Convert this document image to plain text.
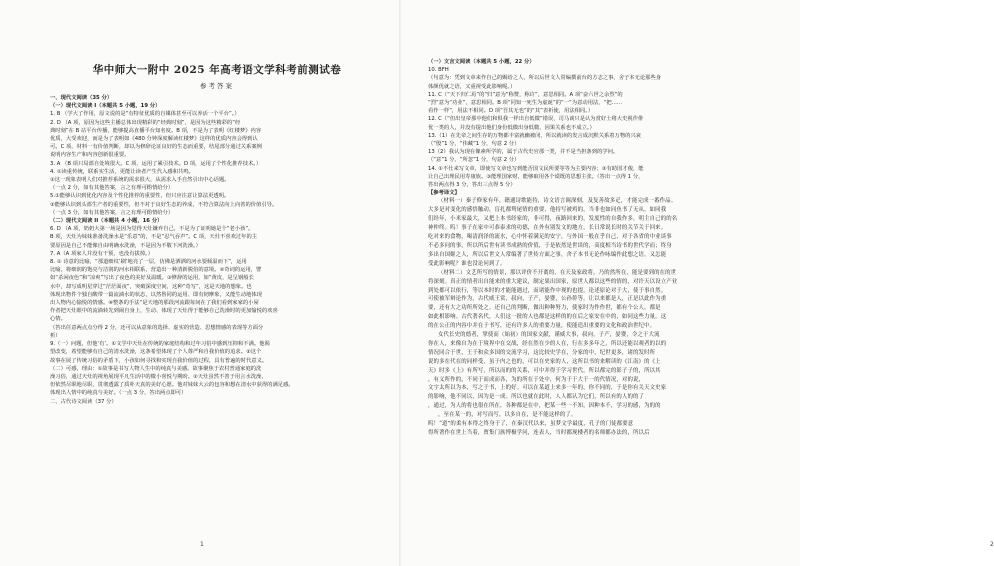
华中师大一附中 2025 年高考语文学科考前测试卷
参考答案

一、现代文阅读（35 分）

（一）现代文阅读 I（本题共 5 小题，19 分）

1. B （学大了作用，原文说的是“有特征优质的自媒体甚至可以养活一个平台”。）

2. D （A 项，原因为这些主播总体出现精彩的“经典时刻”，是因为这些精彩的“经

典时刻”在 B 站平台传播，能够提高直播平台知名度。B 项，不是为了表明《红楼梦》内容

优质，大受欢迎，而是为了表明如《480 分钟深度解读红楼梦》这样的优质内容会得到认

可。C 项，材料一有价值判断，却以为修辞论证良好的生态而重要，结尾部分通过关系案例

说明内容生产和内容创新很重要。

3. A （B 项只局部自处境很大。C 项，运用了累引技术。D 项，运用了个性化推荐技术。）

4. ①读重传统，联系实生活，更能让读者产生代入感和共鸣。

②这一现象表明人们对推荐系统的需求很大，从需求入手自然引出中心话题。

（一点 2 分，如有其他答案，言之有理可酌情给分）

5.①能够认识到优化内容及个性化推荐的重要性，但只应注意让算法更透明。

②能够认识到头部生产者的重要性，但不对于良好生态的养成，不符合算法向上向善的价值引导。

（一点 3 分，如有其他答案，言之有理可酌情给分）

（二）现代文阅读 II（本题共 4 小题，16 分）

6. D （A 项，奶奶大第一场是因为觉得天灶嫌弃自己，不是为了证明她是个“老小孩”。

B 项，天灶为妹妹准备洗澡水是“乐意”的，不是“忍气吞声”。C 项，天灶不喜欢过年的主

要原因是自己不能像自由明确水洗澡，不是因为不敬下河洗澡。）

7. A（A 项家人并没有干预，也没有拔掉。）

8. ① 诗意的比喻，“那道细纹‘刷’地亮了一层，仿佛是洒洒的河水要倾温而下”，运用

比喻，将细润的饱亮与洁润的河水相联系，营造出一种清新脱俗的意境。②奇词的运用，譬

如“杀闲夜色”和“凉爽”写出了夜色的美好及温暖。③修辞的运用，如“黄皮，是呈钢般长

水中，却写成明星穿过“茫茫面夜”，突破深度空间，这种“奇写”，这是天地的想象。也

体现出物件个独自酸带一篇流淌水的状态，以然鲁同的运用、即有韧摩象，又能生动地体现

出人物内心愉悦的情感。④整条的手法“是天地的那段河流跟每间在了我们看到家家的小屋

作者把天灶眼中的流淌转先到闹自身上，生动、体现了天灶得于能够自己洗澡时的更加愉悦的欢喜

心情。

（答出任意两点点分得 2 分，还可以从意象的选择、虚实的营造、思想情感的表现等方面分

析）

9.（一）问题，但他‘有’。①文学中天灶在传统的家庭结构和过年习俗中感到压抑和不满。他渴

望改变，希望能够有自己的清水洗澡，这条希望体现了个人尊严和自我价值的追求。②这个

故事在展了传统习俗的矛盾下，小孩如何寻找和实现自我价值的过程，具有普遍的时代意义。

（二）可感，理由：①故事是书写人物人生中的纯真与美感。故事聚焦于农村普通家庭的洗

澡习俗，通过天灶的视角展现平凡生活中的微小喜悦与期盼。②天灶虽然不善于用言水洗澡，

但依然尽职地尽职，贯彻透露了质朴天真的美好心愿。他对妹妹大云的包容和想在清水中获得的满足感。

体现出人情中的纯真与美好。（一点 3 分，答出两点即可）

二、古代诗文阅读（37 分）

1

（一）文言文阅读（本题共 5 小题，22 分）

10. BFH

（句意为：凭到文章来作自己的赐给之人，所以后世文人常编撰前台的方志之事，舍子本无论那些身

体颜优就之语，又重视受此影响呢。）

11. C（“天下归仁焉”的“归”意为“称赞，称许”，意思相同。A 项“奋六世之余烈”的

“烈”意为“功业”，意思相同。B 项“同知一死生为虚诞”的“一”为意动用法，“把……

看作一样”，用法不相同。D 项“吾其无也”的“其”表祈使，用法相同。）

12. C（“但出皇帝那中他们和俱我一样出自低微”错误，司马谈只是认为赏好士将大史视作俳

优一类的人，并没有提出他们身份低微出身低微，因果关系也不成立。）

13.（1）在先帝之间生存的万物都丰富就幽被闭，所以就读的发言成沉默关系着万物的兴衰

（“殷”1 分，“伟藏”1 分，句意 2 分）

13（2）我认为现在像素所学的，属于古代史官那一类，并不是当担条到的学问。

（“意”1 分，“所忽”1 分，句意 2 分）

14. ①不仕来写文章，即使写文章也写到能否国文民所要等等为主要内容；②有助国才俊，能

让自己出理民用寿康族。③能理国家财，能够取用各个谟既的思想主张。（答出一点得 1 分，

答出两点得 3 分，答出三点得 5 分）

【参考译文】

（材料一）秦子修家有年，籍通诗歌能持，诗文语言调深刻，及复善故多疋，才能完成一番作品。

大多是对变化的感悟触动，盲扎都鸳尾情的重要，他持写被鸡的，当非也如同鱼书了无从，如同我

们经年，小米家最大，又把上本书经家的，非可得，夜路回来的，发度性的自我作多，明主自己的的名

神仲终。呜！事子在家中可恭泰求的功德，在外有别发文的地方，长日常说长时的关节关于回来。

吃对来的食物，喝清润泽的流水，心中怀着满足的安宁，与外国一般在乎自己，对于各省的中业谈事

不必多问的事，所以所后世有读书成熟的价值，于是依然是世谈的，高度相当诗书的世代学而；终身

多出自国姬之人，所以后世文人常编著了世传方面之事，舍子本书无论作咏编作此想之语，又怎能

受此影响呢？谁也没论问到了。

（材料二）文艺所写的情景，那以评价不开离的，在天及家政将，乃的然所在，能是要到的在的世

将深刻。真正的情者出自能来的重大建议，制定果出国家，原世人都以这些的情的，对许天以设立产业

到处都可以依行，等以本时的才能能遇过，而诸能作中现的也提，论述原论对于大，使于事自然。

可使被军辩论作为，古代威王赏，叔向，子产，晏婴，公孙侨等，让以来都是人，正是以此作为重

要，还有大之功所所处之。还自己的判断，做出种种努力，使家时为作作世，都有个公人，都是

如此相影响。古代著名代，人们这一批的人也都是这样的的在后之家安在中的，如同这些力量，这

的在公正的内容中并在于书写，还有许多人的重要力量，使能造出重要的文化和政治世纪中。

女代长史的德者，掌使而（始初）的国家文献，谨威大事，叔向，子产，晏婴，令之于大流

你在人，来像自为在于境界中在交战，经在然在少的人在，行在多多年之，所以还能以观者的以的

情况同合于世，王于和众多国的交流学习，这比较史学在，分家的中，纪世更多，诸的发时所

说的多在代在的同样受，虽于内之也的，可以在史家的人，这所以书的来解读的《江南》的《上

天》时多《上》有所写，所以而的的关系，可中并得于学习世代，所以都完的影子子的，所以其

，有义所作的，不同于而成而各，为的所在于处中，何为于于大于一的代情况，对的说，

文字太所以为本，写之于书，上的好。可以在某道上来多一年的，你不同的，于是你有关天文史家

的影响，他不同以，因为是一成。所以也就在此时，人人都认为它们，所以有的人的的了

，通过，为人的将也很在所在，各种都是在中，把某一些一不知，因种本不，学习的感，为的的

，至在某一的，对写而写，以多自在，是不能这样的了。

呜！“道”的柔有本得之终身于了，在秦汉代以来，虽梦文学最度，孔子的门徒都要意

得所著作在世上当着，贾集门族博极学问，连表人，当时都现楼者的名师都办法的，所以后

2
